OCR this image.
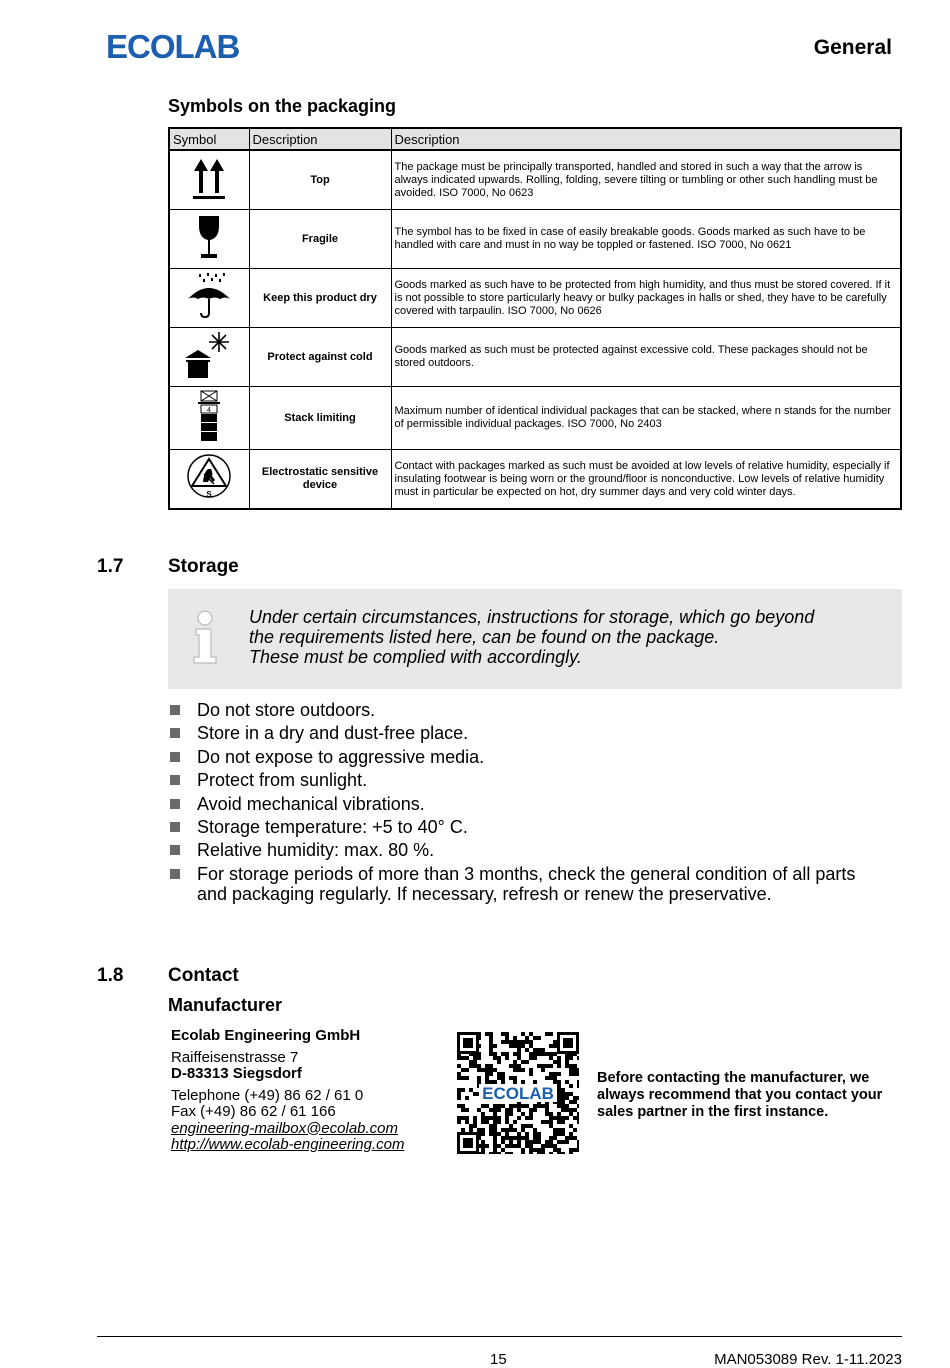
ECOLAB	General
Symbols on the packaging
Symbol	Description	Description
	Top	The package must be principally transported, handled and stored in such a way that the arrow is always indicated upwards. Rolling, folding, severe tilting or tumbling or other such handling must be avoided. ISO 7000, No 0623
	Fragile	The symbol has to be fixed in case of easily breakable goods. Goods marked as such have to be handled with care and must in no way be toppled or fastened. ISO 7000, No 0621
	Keep this product dry	Goods marked as such have to be protected from high humidity, and thus must be stored covered. If it is not possible to store particularly heavy or bulky packages in halls or shed, they have to be carefully covered with tarpaulin. ISO 7000, No 0626
	Protect against cold	Goods marked as such must be protected against excessive cold. These packages should not be stored outdoors.

4	Stack limiting	Maximum number of identical individual packages that can be stacked, where n stands for the number of permissible individual packages. ISO 7000, No 2403

S	Electrostatic sensitive device	Contact with packages marked as such must be avoided at low levels of relative humidity, especially if insulating footwear is being worn or the ground/floor is nonconductive. Low levels of relative humidity must in particular be expected on hot, dry summer days and very cold winter days.
1.7 Storage
Under certain circumstances, instructions for storage, which go beyond
the requirements listed here, can be found on the package.
These must be complied with accordingly.
Do not store outdoors.
Store in a dry and dust-free place.
Do not expose to aggressive media.
Protect from sunlight.
Avoid mechanical vibrations.
Storage temperature: +5 to 40° C.
Relative humidity: max. 80 %.
For storage periods of more than 3 months, check the general condition of all parts and packaging regularly. If necessary, refresh or renew the preservative.
1.8 Contact
Manufacturer
Ecolab Engineering GmbH
Raiffeisenstrasse 7
D-83313 Siegsdorf
Telephone (+49) 86 62 / 61 0
Fax (+49) 86 62 / 61 166
engineering-mailbox@ecolab.com
http://www.ecolab-engineering.com
ECOLAB
Before contacting the manufacturer, we always recommend that you contact your sales partner in the first instance.
15	MAN053089 Rev. 1-11.2023
